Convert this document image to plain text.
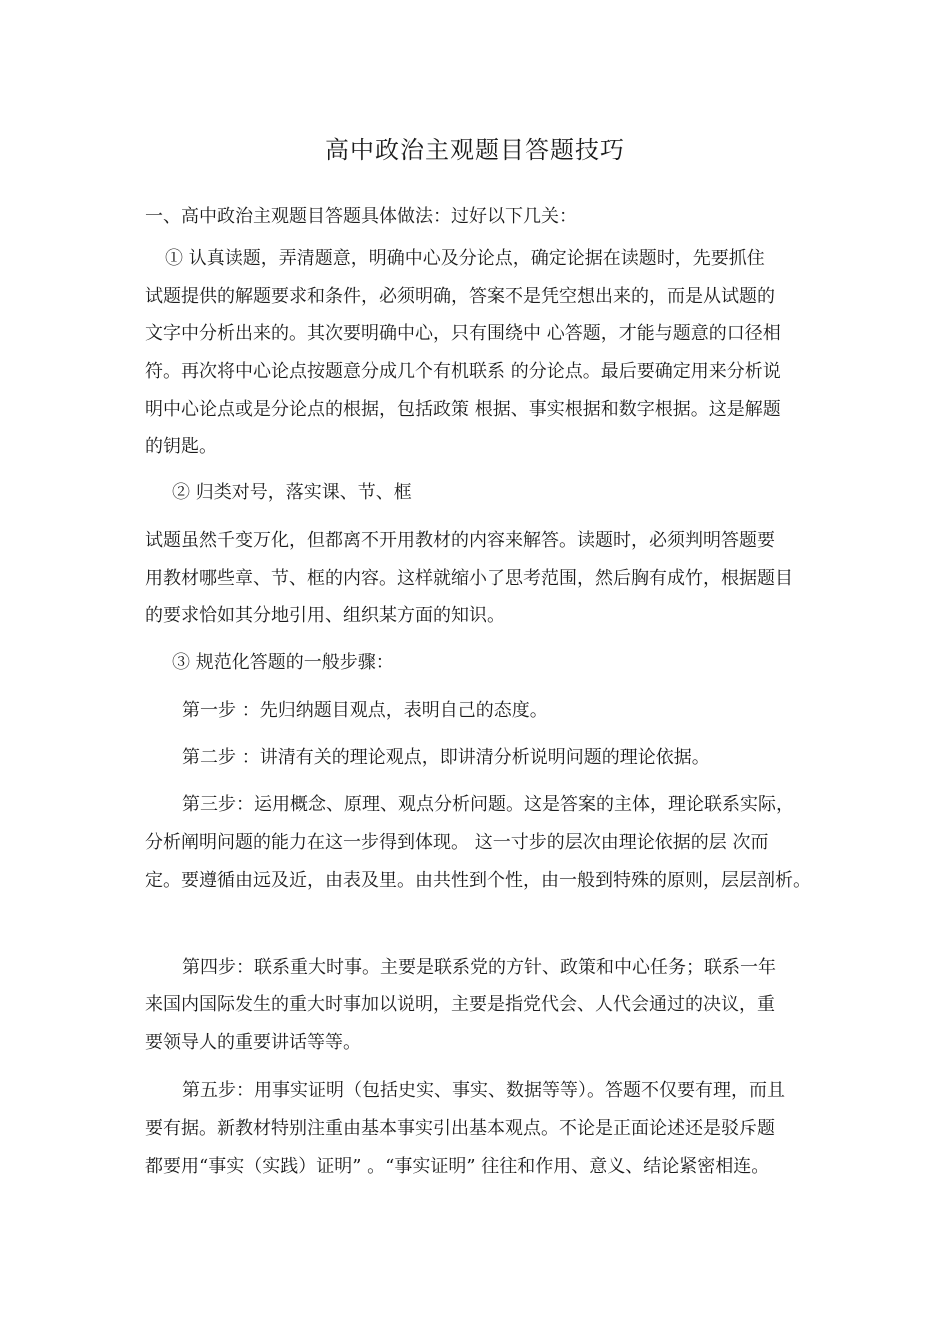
高中政治主观题目答题技巧
一、高中政治主观题目答题具体做法：过好以下几关：
① 认真读题，弄清题意，明确中心及分论点，确定论据在读题时，先要抓住
试题提供的解题要求和条件，必须明确，答案不是凭空想出来的，而是从试题的
文字中分析出来的。其次要明确中心，只有围绕中 心答题，才能与题意的口径相
符。再次将中心论点按题意分成几个有机联系 的分论点。最后要确定用来分析说
明中心论点或是分论点的根据，包括政策 根据、事实根据和数字根据。这是解题
的钥匙。
② 归类对号，落实课、节、框
试题虽然千变万化，但都离不开用教材的内容来解答。读题时，必须判明答题要
用教材哪些章、节、框的内容。这样就缩小了思考范围，然后胸有成竹，根据题目
的要求恰如其分地引用、组织某方面的知识。
③ 规范化答题的一般步骤：
第一步 ：先归纳题目观点，表明自己的态度。
第二步 ：讲清有关的理论观点，即讲清分析说明问题的理论依据。
第三步：运用概念、原理、观点分析问题。这是答案的主体，理论联系实际，
分析阐明问题的能力在这一步得到体现。 这一寸步的层次由理论依据的层 次而
定。要遵循由远及近，由表及里。由共性到个性，由一般到特殊的原则，层层剖析。
第四步：联系重大时事。主要是联系党的方针、政策和中心任务；联系一年
来国内国际发生的重大时事加以说明，主要是指党代会、人代会通过的决议，重
要领导人的重要讲话等等。
第五步：用事实证明（包括史实、事实、数据等等）。答题不仅要有理，而且
要有据。新教材特别注重由基本事实引出基本观点。不论是正面论述还是驳斥题
都要用“事实（实践）证明” 。“事实证明” 往往和作用、意义、结论紧密相连。
